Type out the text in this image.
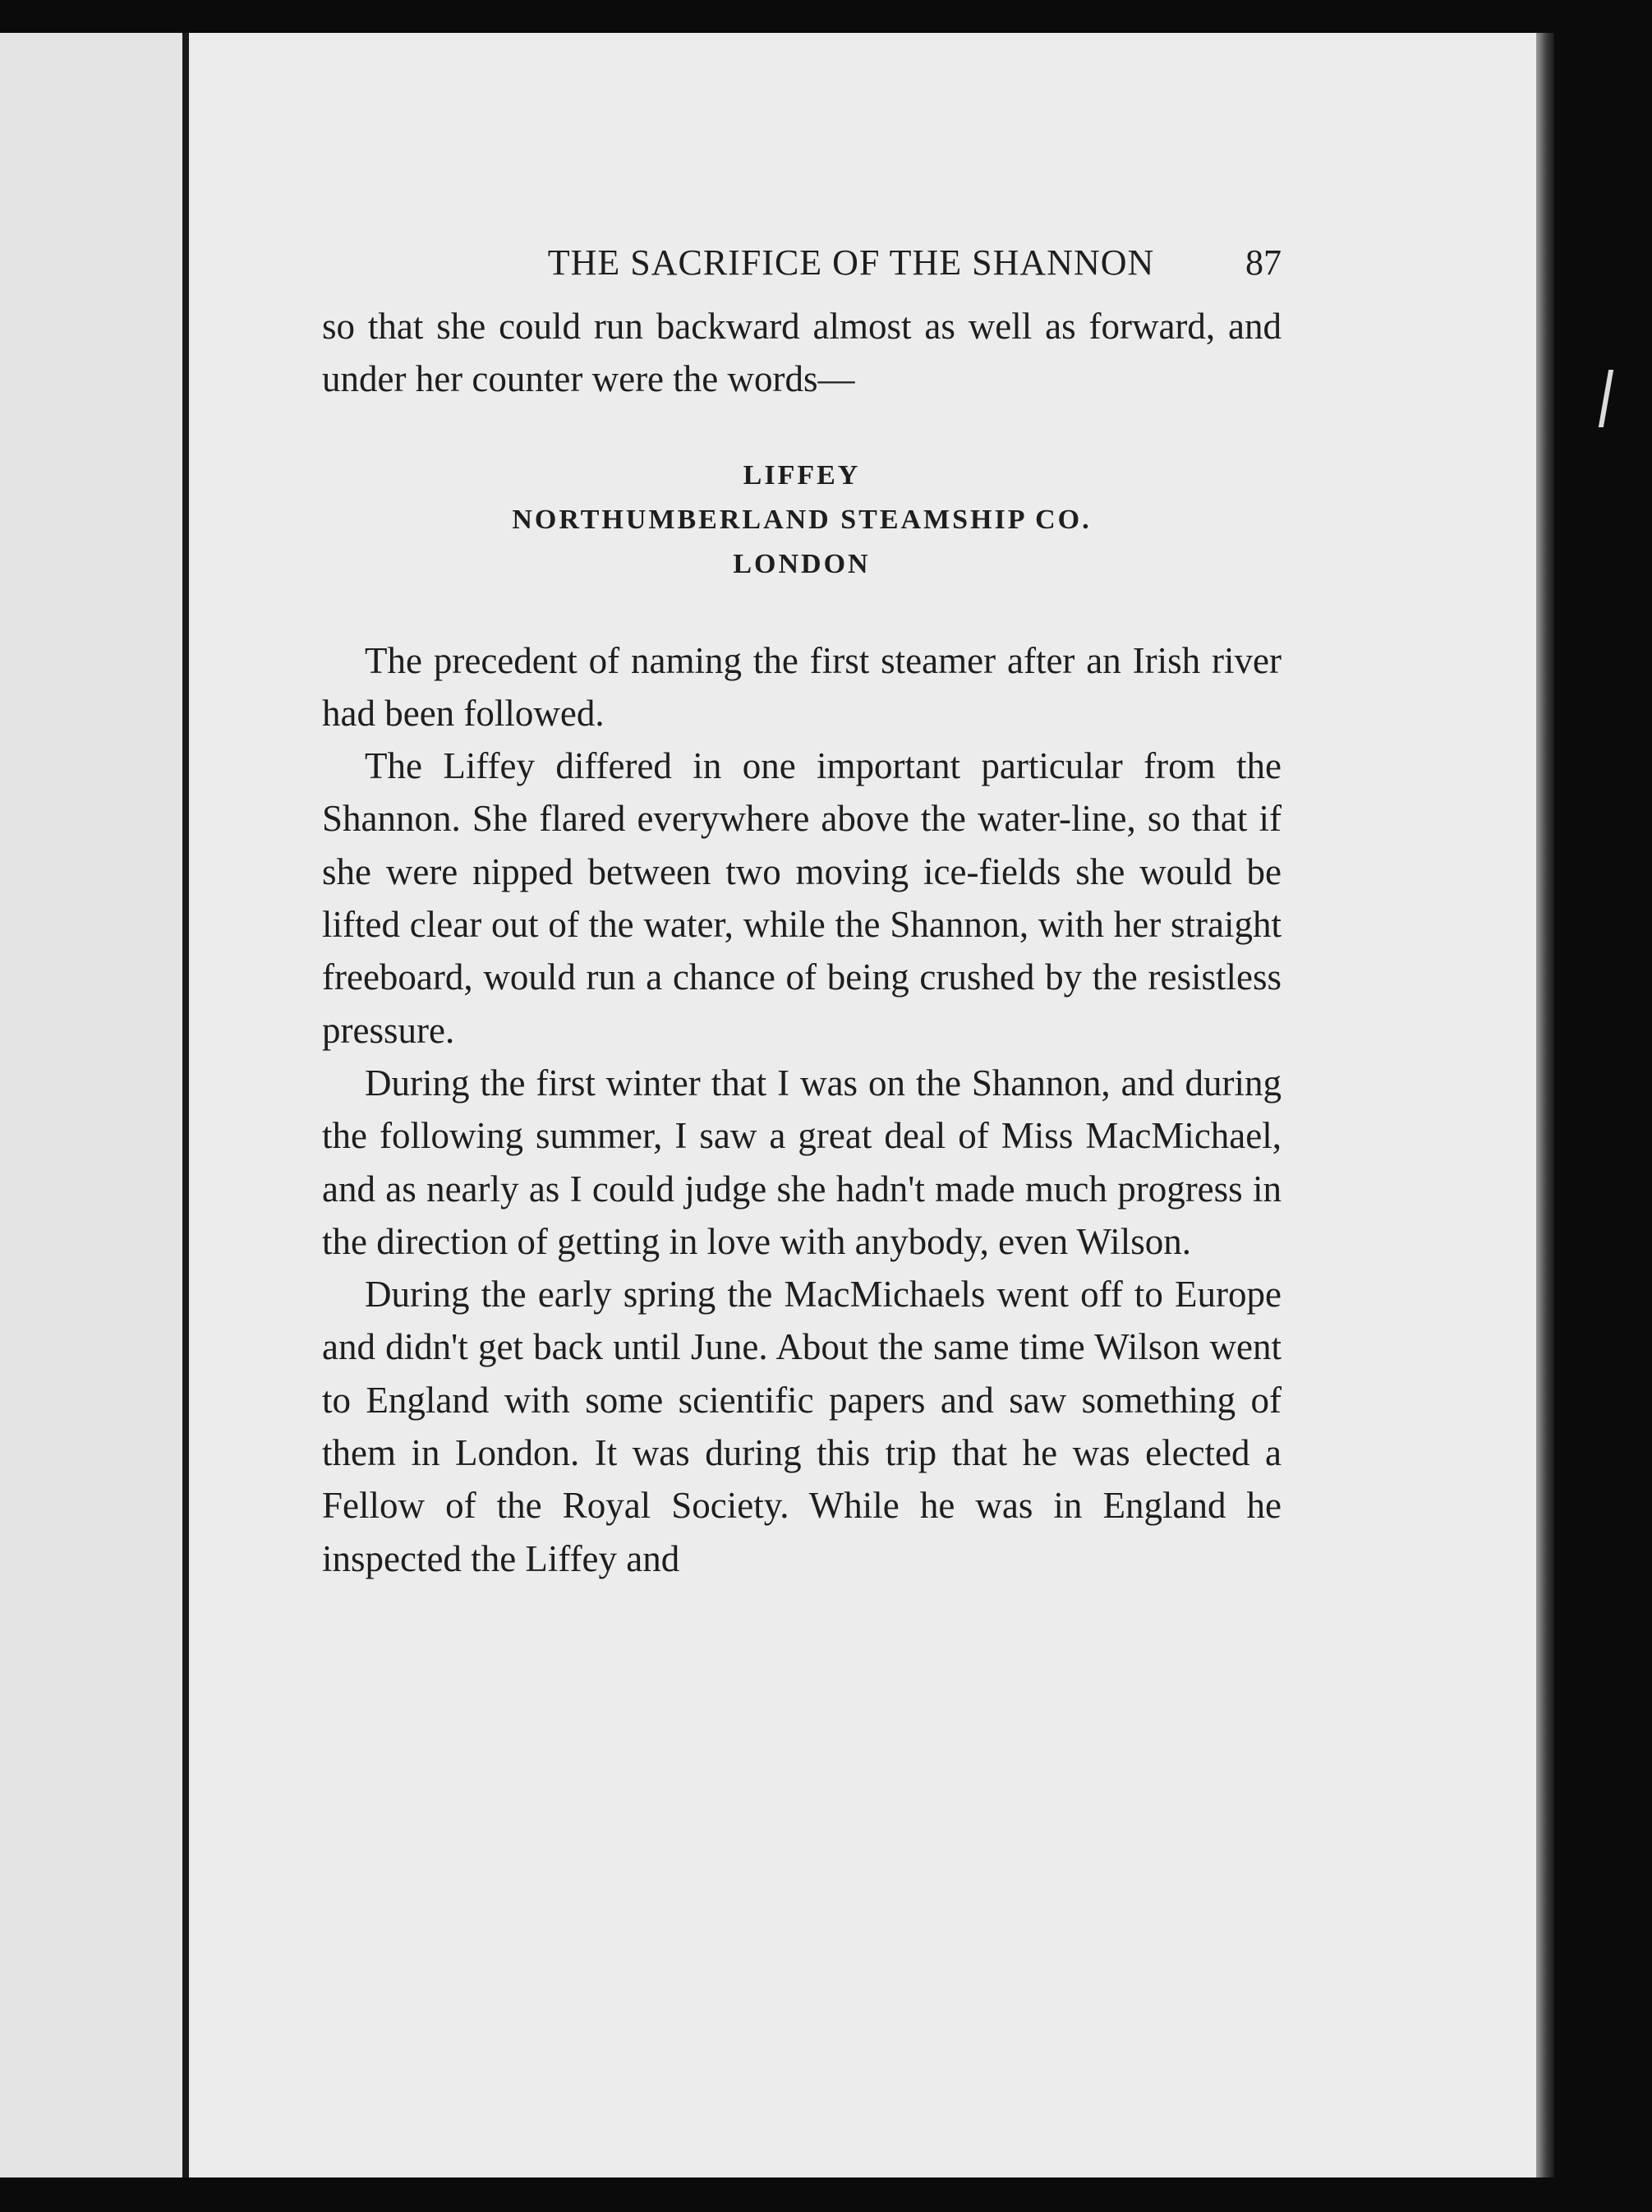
THE SACRIFICE OF THE SHANNON	87

so that she could run backward almost as well as forward, and under her counter were the words—

LIFFEY
NORTHUMBERLAND STEAMSHIP CO.
LONDON

The precedent of naming the first steamer after an Irish river had been followed.

The Liffey differed in one important particular from the Shannon. She flared everywhere above the water-line, so that if she were nipped between two moving ice-fields she would be lifted clear out of the water, while the Shannon, with her straight freeboard, would run a chance of being crushed by the resistless pressure.

During the first winter that I was on the Shannon, and during the following summer, I saw a great deal of Miss MacMichael, and as nearly as I could judge she hadn't made much progress in the direction of getting in love with anybody, even Wilson.

During the early spring the MacMichaels went off to Europe and didn't get back until June. About the same time Wilson went to England with some scientific papers and saw something of them in London. It was during this trip that he was elected a Fellow of the Royal Society. While he was in England he inspected the Liffey and
